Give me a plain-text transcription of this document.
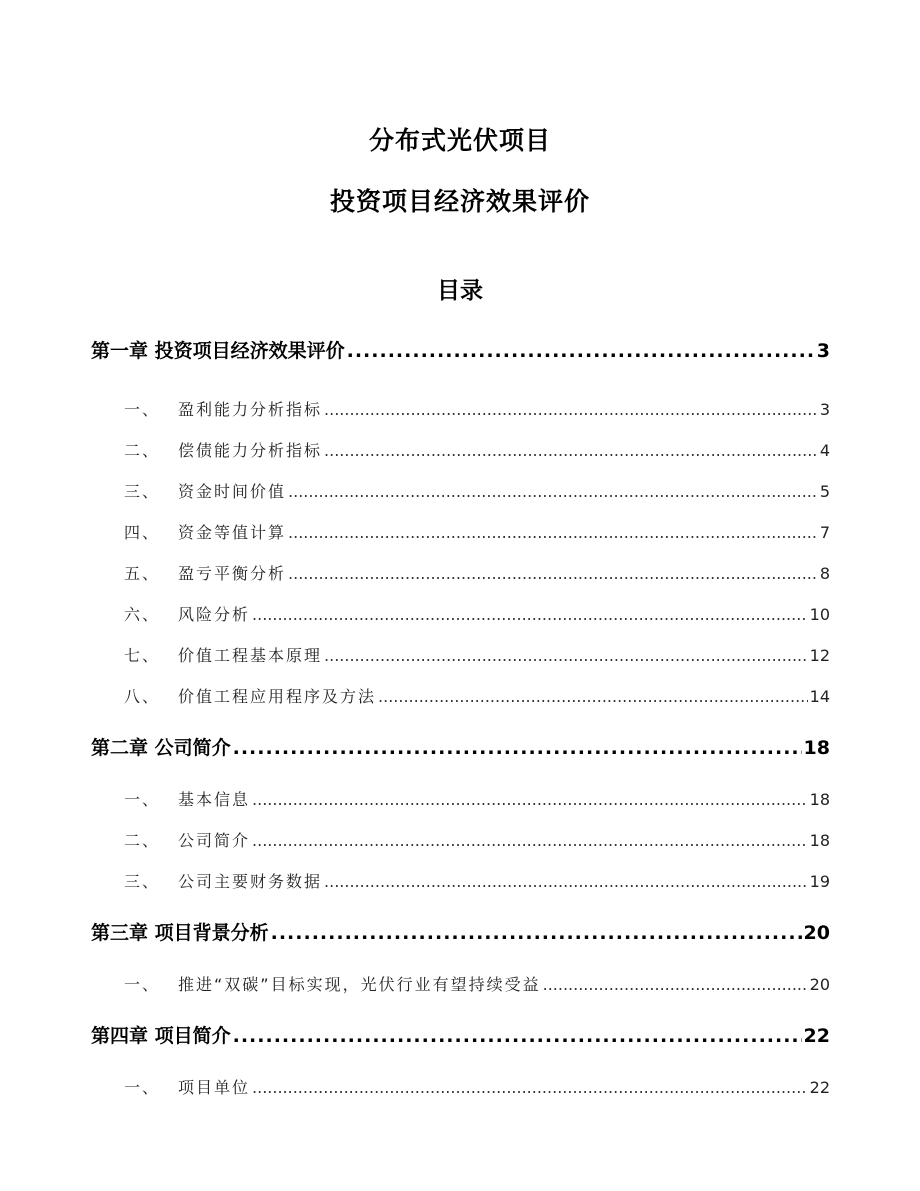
分布式光伏项目
投资项目经济效果评价
目录
第一章 投资项目经济效果评价 .....	3
一、 盈利能力分析指标 .....	3
二、 偿债能力分析指标 .....	4
三、 资金时间价值 .....	5
四、 资金等值计算 .....	7
五、 盈亏平衡分析 .....	8
六、 风险分析 .....	10
七、 价值工程基本原理 .....	12
八、 价值工程应用程序及方法 .....	14
第二章 公司简介 .....	18
一、 基本信息 .....	18
二、 公司简介 .....	18
三、 公司主要财务数据 .....	19
第三章 项目背景分析 .....	20
一、 推进“双碳”目标实现，光伏行业有望持续受益 .....	20
第四章 项目简介 .....	22
一、 项目单位 .....	22
